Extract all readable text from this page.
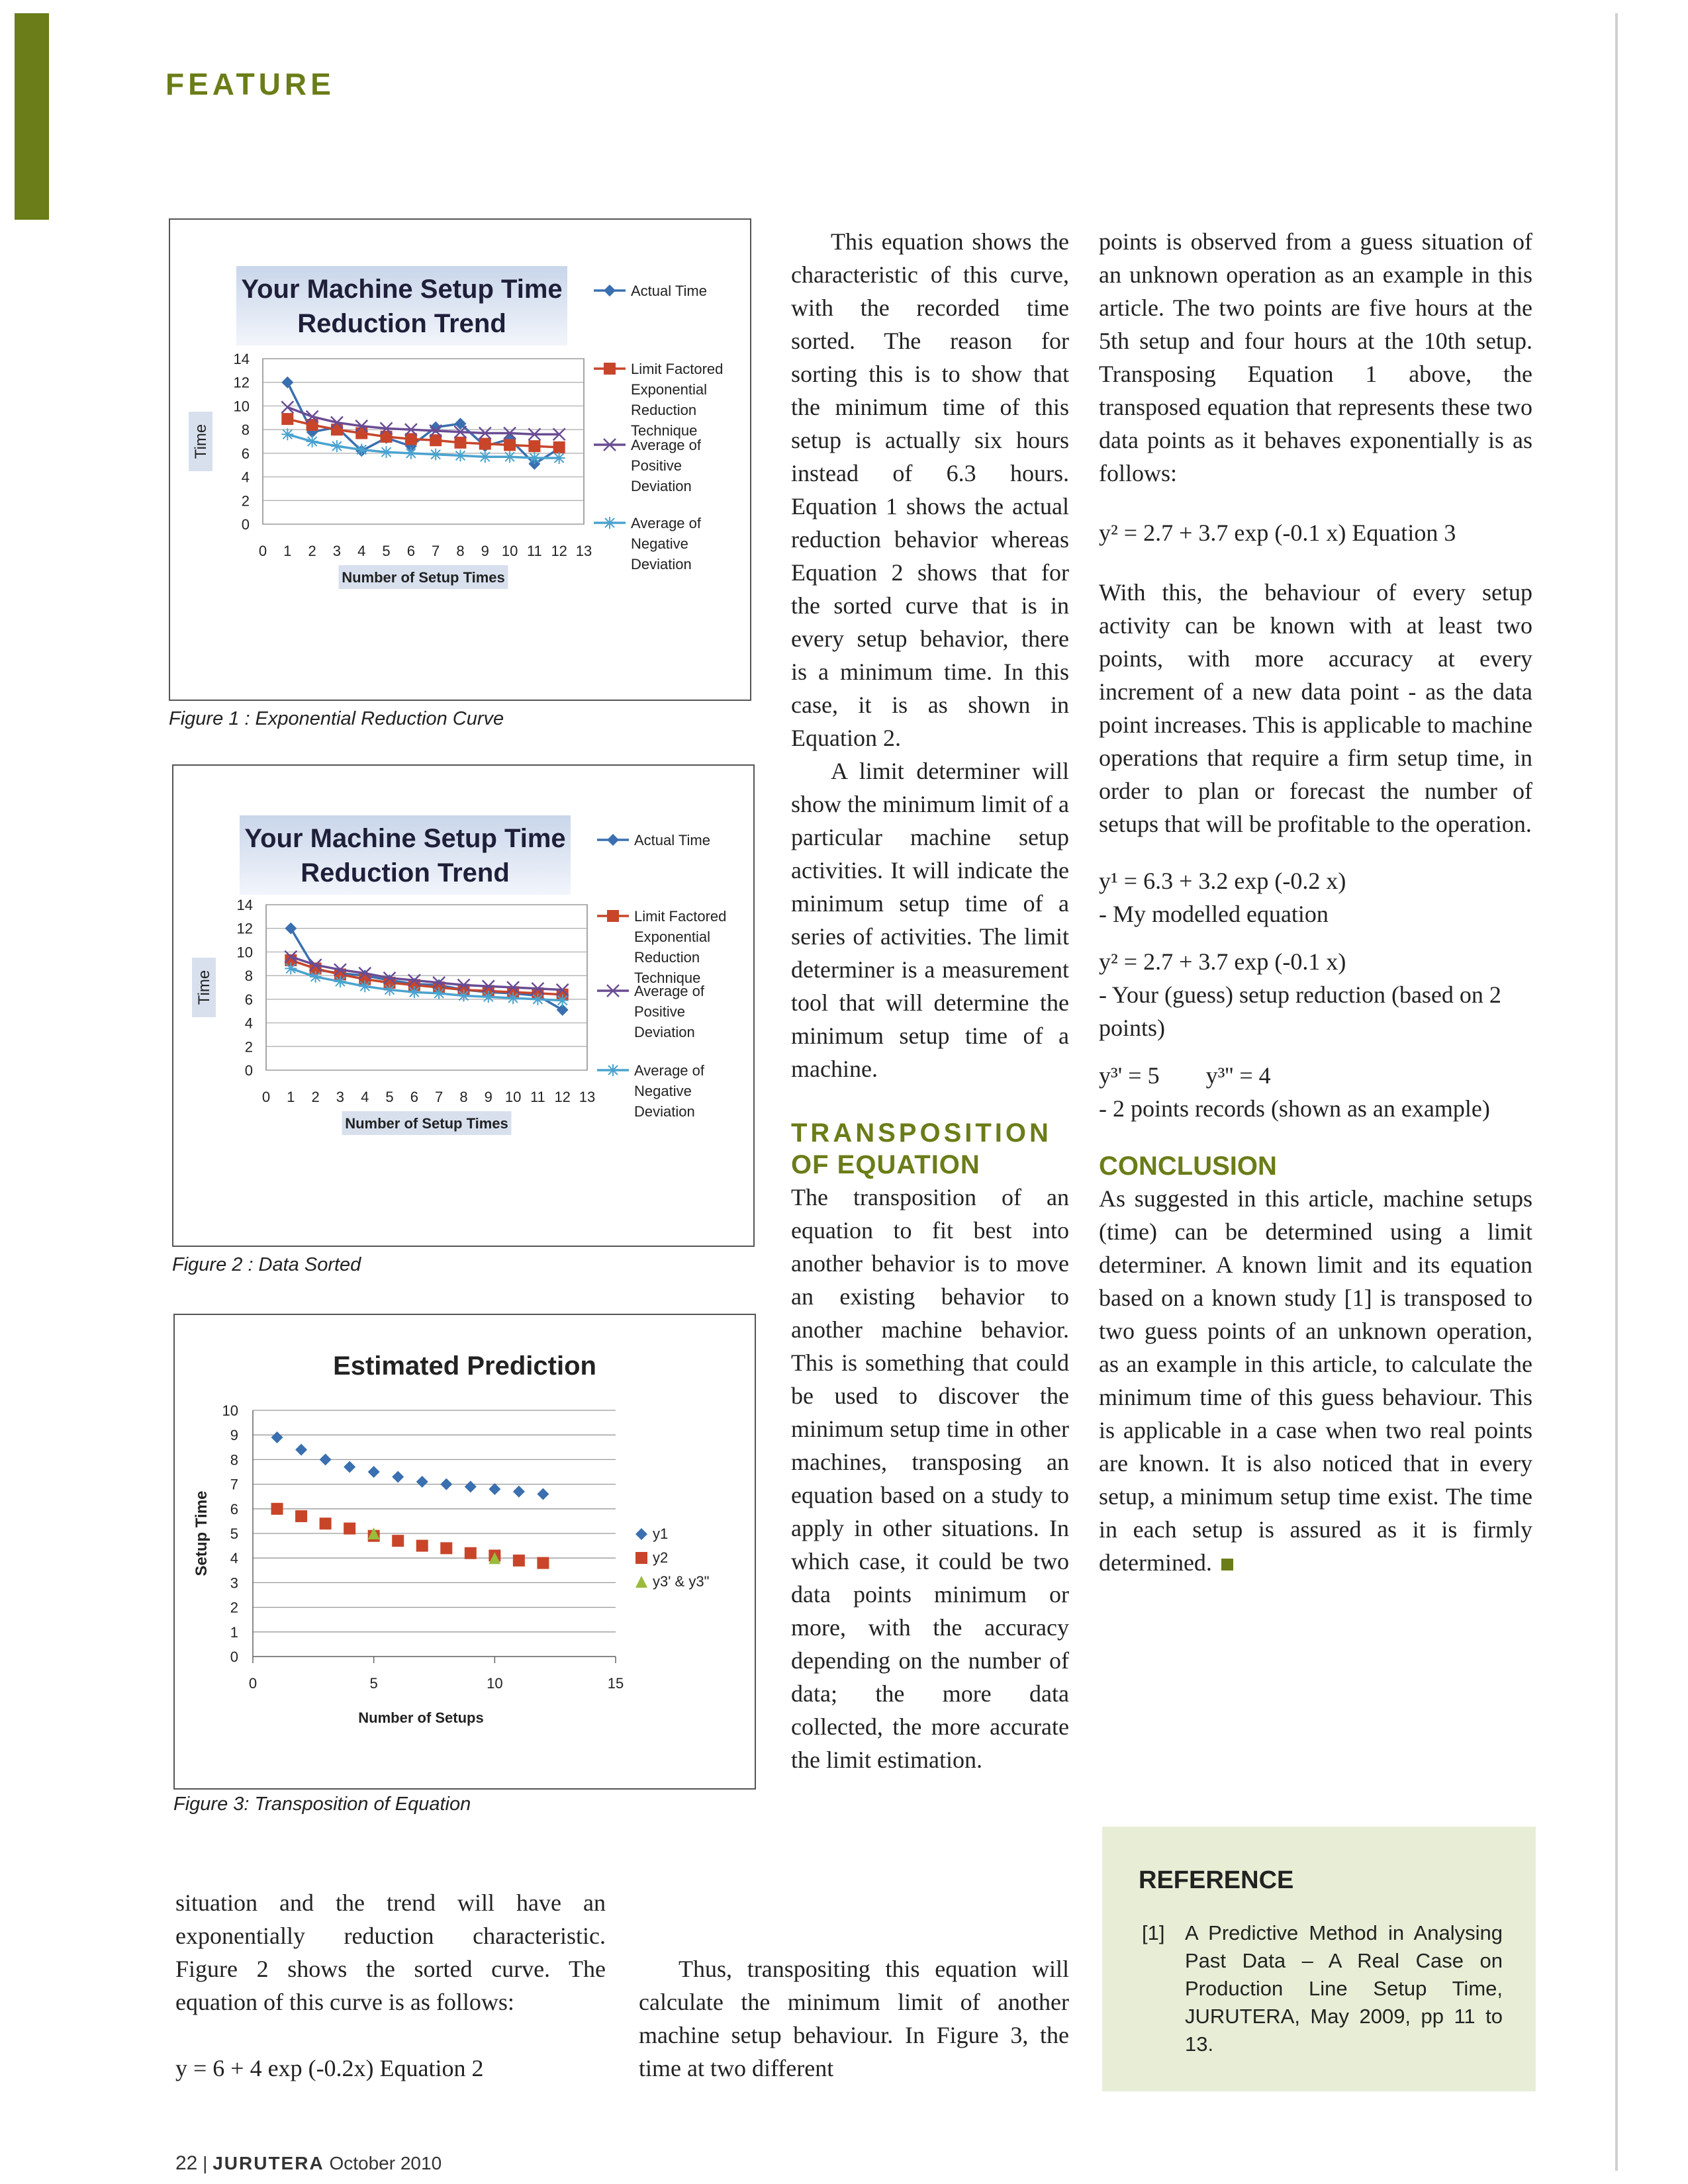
FEATURE
Your Machine Setup Time
Reduction Trend
0
2
4
6
8
10
12
14
0 1 2 3 4 5 6 7 8 9 10 11 12 13
Number of Setup Times
Time
Actual Time
Limit Factored
Exponential
Reduction
Technique
Average of
Positive
Deviation
Average of
Negative
Deviation
Figure 1 : Exponential Reduction Curve
Your Machine Setup Time
Reduction Trend
0
2
4
6
8
10
12
14
0 1 2 3 4 5 6 7 8 9 10 11 12 13
Number of Setup Times
Time
Actual Time
Limit Factored
Exponential
Reduction
Technique
Average of
Positive
Deviation
Average of
Negative
Deviation
Figure 2 : Data Sorted
Estimated Prediction
0
1
2
3
4
5
6
7
8
9
10
0	5	10	15
Number of Setups
Setup Time	y1
y2
y3' & y3"
Figure 3: Transposition of Equation

situation and the trend will have an exponentially reduction characteristic. Figure 2 shows the sorted curve. The equation of this curve is as follows:

y = 6 + 4 exp (-0.2x) Equation 2

This equation shows the characteristic of this curve, with the recorded time sorted. The reason for sorting this is to show that the minimum time of this setup is actually six hours instead of 6.3 hours. Equation 1 shows the actual reduction behavior whereas Equation 2 shows that for the sorted curve that is in every setup behavior, there is a minimum time. In this case, it is as shown in Equation 2.

A limit determiner will show the minimum limit of a particular machine setup activities. It will indicate the minimum setup time of a series of activities. The limit determiner is a measurement tool that will determine the minimum setup time of a machine.

TRANSPOSITION
OF EQUATION

The transposition of an equation to fit best into another behavior is to move an existing behavior to another machine behavior. This is something that could be used to discover the minimum setup time in other machines, transposing an equation based on a study to apply in other situations. In which case, it could be two data points minimum or more, with the accuracy depending on the number of data; the more data collected, the more accurate the limit estimation.

Thus, transpositing this equation will calculate the minimum limit of another machine setup behaviour. In Figure 3, the time at two different

points is observed from a guess situation of an unknown operation as an example in this article. The two points are five hours at the 5th setup and four hours at the 10th setup. Transposing Equation 1 above, the transposed equation that represents these two data points as it behaves exponentially is as follows:

y² = 2.7 + 3.7 exp (-0.1 x) Equation 3

With this, the behaviour of every setup activity can be known with at least two points, with more accuracy at every increment of a new data point - as the data point increases. This is applicable to machine operations that require a firm setup time, in order to plan or forecast the number of setups that will be profitable to the operation.

y¹ = 6.3 + 3.2 exp (-0.2 x)

- My modelled equation

y² = 2.7 + 3.7 exp (-0.1 x)

- Your (guess) setup reduction (based on 2 points)

y³' = 5 y³'' = 4

- 2 points records (shown as an example)

CONCLUSION

As suggested in this article, machine setups (time) can be determined using a limit determiner. A known limit and its equation based on a known study [1] is transposed to two guess points of an unknown operation, as an example in this article, to calculate the minimum time of this guess behaviour. This is applicable in a case when two real points are known. It is also noticed that in every setup, a minimum setup time exist. The time in each setup is assured as it is firmly determined.

REFERENCE
[1] A Predictive Method in Analysing Past Data – A Real Case on Production Line Setup Time, JURUTERA, May 2009, pp 11 to 13.
22 | JURUTERA October 2010
